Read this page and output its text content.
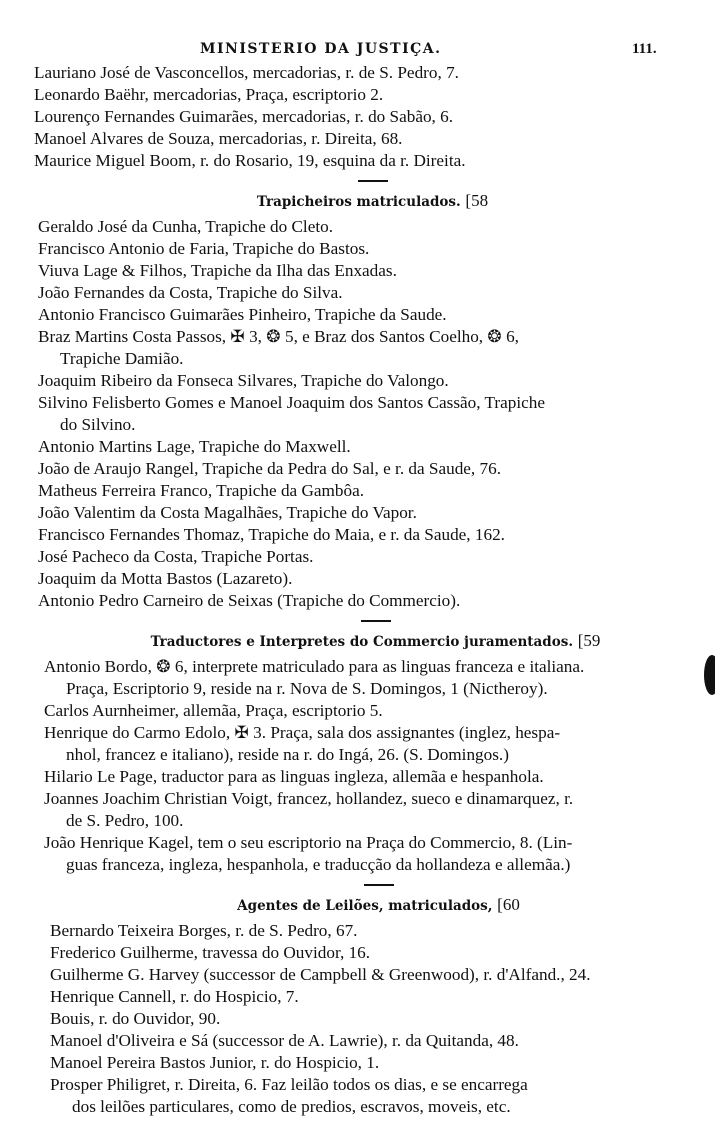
MINISTERIO DA JUSTIÇA.	111.
Lauriano José de Vasconcellos, mercadorias, r. de S. Pedro, 7.
Leonardo Baëhr, mercadorias, Praça, escriptorio 2.
Lourenço Fernandes Guimarães, mercadorias, r. do Sabão, 6.
Manoel Alvares de Souza, mercadorias, r. Direita, 68.
Maurice Miguel Boom, r. do Rosario, 19, esquina da r. Direita.
Trapicheiros matriculados. [58
Geraldo José da Cunha, Trapiche do Cleto.
Francisco Antonio de Faria, Trapiche do Bastos.
Viuva Lage & Filhos, Trapiche da Ilha das Enxadas.
João Fernandes da Costa, Trapiche do Silva.
Antonio Francisco Guimarães Pinheiro, Trapiche da Saude.
Braz Martins Costa Passos, ✠ 3, ❂ 5, e Braz dos Santos Coelho, ❂ 6,
Trapiche Damião.
Joaquim Ribeiro da Fonseca Silvares, Trapiche do Valongo.
Silvino Felisberto Gomes e Manoel Joaquim dos Santos Cassão, Trapiche
do Silvino.
Antonio Martins Lage, Trapiche do Maxwell.
João de Araujo Rangel, Trapiche da Pedra do Sal, e r. da Saude, 76.
Matheus Ferreira Franco, Trapiche da Gambôa.
João Valentim da Costa Magalhães, Trapiche do Vapor.
Francisco Fernandes Thomaz, Trapiche do Maia, e r. da Saude, 162.
José Pacheco da Costa, Trapiche Portas.
Joaquim da Motta Bastos (Lazareto).
Antonio Pedro Carneiro de Seixas (Trapiche do Commercio).
Traductores e Interpretes do Commercio juramentados. [59
Antonio Bordo, ❂ 6, interprete matriculado para as linguas franceza e italiana.
Praça, Escriptorio 9, reside na r. Nova de S. Domingos, 1 (Nictheroy).
Carlos Aurnheimer, allemãa, Praça, escriptorio 5.
Henrique do Carmo Edolo, ✠ 3. Praça, sala dos assignantes (inglez, hespa-
nhol, francez e italiano), reside na r. do Ingá, 26. (S. Domingos.)
Hilario Le Page, traductor para as linguas ingleza, allemãa e hespanhola.
Joannes Joachim Christian Voigt, francez, hollandez, sueco e dinamarquez, r.
de S. Pedro, 100.
João Henrique Kagel, tem o seu escriptorio na Praça do Commercio, 8. (Lin-
guas franceza, ingleza, hespanhola, e traducção da hollandeza e allemãa.)
Agentes de Leilões, matriculados, [60
Bernardo Teixeira Borges, r. de S. Pedro, 67.
Frederico Guilherme, travessa do Ouvidor, 16.
Guilherme G. Harvey (successor de Campbell & Greenwood), r. d'Alfand., 24.
Henrique Cannell, r. do Hospicio, 7.
Bouis, r. do Ouvidor, 90.
Manoel d'Oliveira e Sá (successor de A. Lawrie), r. da Quitanda, 48.
Manoel Pereira Bastos Junior, r. do Hospicio, 1.
Prosper Philigret, r. Direita, 6. Faz leilão todos os dias, e se encarrega
dos leilões particulares, como de predios, escravos, moveis, etc.
